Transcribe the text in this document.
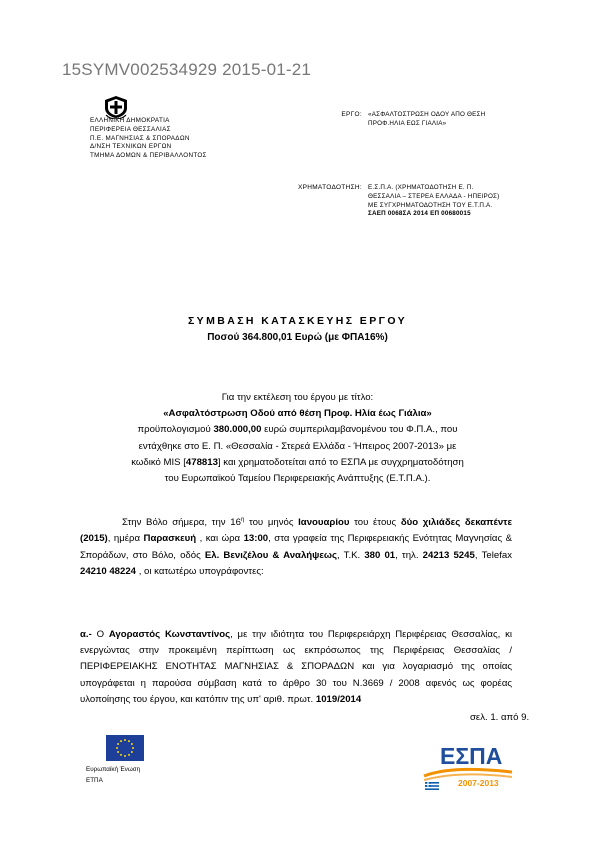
15SYMV002534929 2015-01-21
ΕΛΛΗΝΙΚΗ ΔΗΜΟΚΡΑΤΙΑ
ΠΕΡΙΦΕΡΕΙΑ ΘΕΣΣΑΛΙΑΣ
Π.Ε. ΜΑΓΝΗΣΙΑΣ & ΣΠΟΡΑΔΩΝ
Δ/ΝΣΗ ΤΕΧΝΙΚΩΝ ΕΡΓΩΝ
ΤΜΗΜΑ ΔΟΜΩΝ & ΠΕΡΙΒΑΛΛΟΝΤΟΣ
ΕΡΓΟ: «ΑΣΦΑΛΤΟΣΤΡΩΣΗ ΟΔΟΥ ΑΠΟ ΘΕΣΗ
ΠΡΟΦ.ΗΛΙΑ ΕΩΣ ΓΙΑΛΙΑ»
ΧΡΗΜΑΤΟΔΟΤΗΣΗ: Ε.Σ.Π.Α. (ΧΡΗΜΑΤΟΔΟΤΗΣΗ Ε. Π.
ΘΕΣΣΑΛΙΑ – ΣΤΕΡΕΑ ΕΛΛΑΔΑ - ΗΠΕΙΡΟΣ)
ΜΕ ΣΥΓΧΡΗΜΑΤΟΔΟΤΗΣΗ ΤΟΥ Ε.Τ.Π.Α.
ΣΑΕΠ 0068ΣΑ 2014 ΕΠ 00680015
ΣΥΜΒΑΣΗ ΚΑΤΑΣΚΕΥΗΣ ΕΡΓΟΥ
Ποσού 364.800,01 Ευρώ (με ΦΠΑ16%)
Για την εκτέλεση του έργου με τίτλο:
«Ασφαλτόστρωση Οδού από θέση Προφ. Ηλία έως Γιάλια»
προϋπολογισμού 380.000,00 ευρώ συμπεριλαμβανομένου του Φ.Π.Α., που
εντάχθηκε στο Ε. Π. «Θεσσαλία - Στερεά Ελλάδα - Ήπειρος 2007-2013» με
κωδικό MIS [478813] και χρηματοδοτείται από το ΕΣΠΑ με συγχρηματοδότηση
του Ευρωπαϊκού Ταμείου Περιφερειακής Ανάπτυξης (Ε.Τ.Π.Α.).
Στην Βόλο σήμερα, την $16^\eta$ του μηνός Ιανουαρίου του έτους δύο χιλιάδες δεκαπέντε (2015), ημέρα Παρασκευή , και ώρα 13:00, στα γραφεία της Περιφερειακής Ενότητας Μαγνησίας & Σποράδων, στο Βόλο, οδός Ελ. Βενιζέλου & Αναλήψεως, Τ.Κ. 380 01, τηλ. 24213 5245, Telefax 24210 48224 , οι κατωτέρω υπογράφοντες:
α.- Ο Αγοραστός Κωνσταντίνος, με την ιδιότητα του Περιφερειάρχη Περιφέρειας Θεσσαλίας, κι ενεργώντας στην προκειμένη περίπτωση ως εκπρόσωπος της Περιφέρειας Θεσσαλίας / ΠΕΡΙΦΕΡΕΙΑΚΗΣ ΕΝΟΤΗΤΑΣ ΜΑΓΝΗΣΙΑΣ & ΣΠΟΡΑΔΩΝ και για λογαριασμό της οποίας υπογράφεται η παρούσα σύμβαση κατά το άρθρο 30 του Ν.3669 / 2008 αφενός ως φορέας υλοποίησης του έργου, και κατόπιν της υπ' αριθ. πρωτ. 1019/2014
σελ. 1. από 9.
Ευρωπαϊκή Ένωση
ΕΤΠΑ
ΕΣΠΑ
2007-2013
